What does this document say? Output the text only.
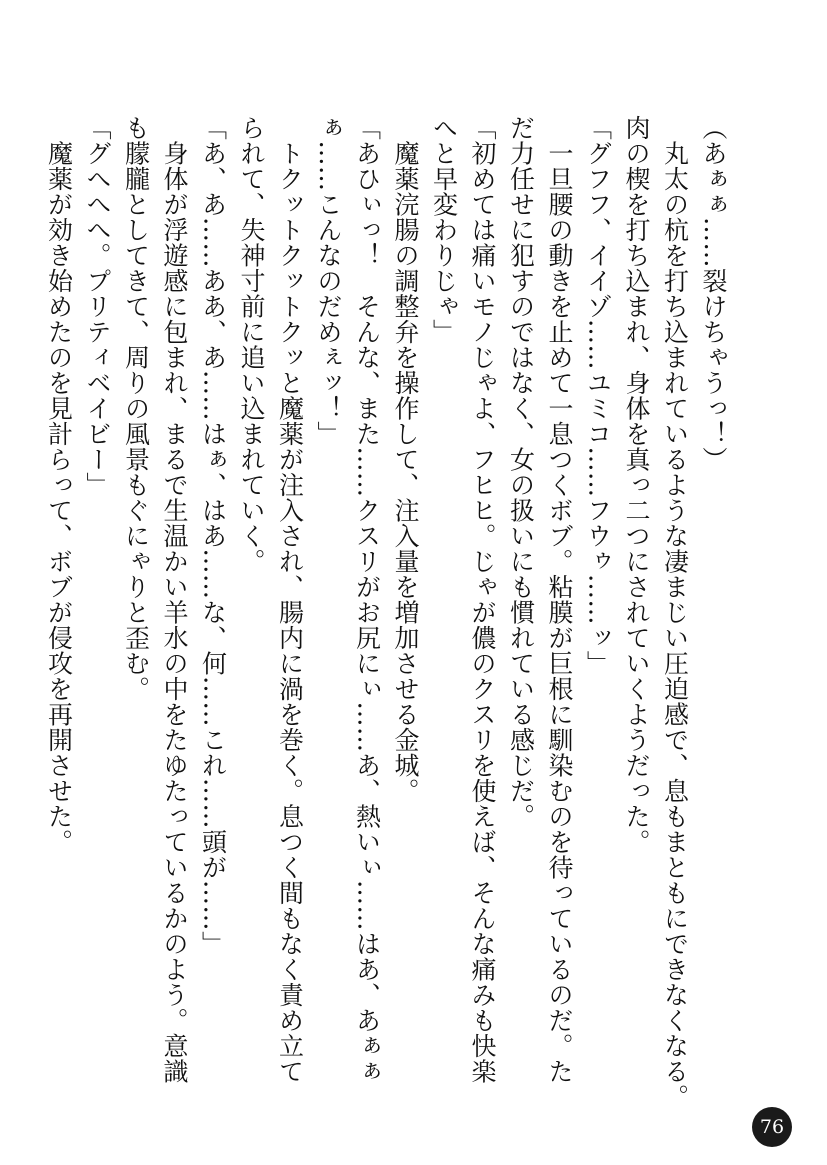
（あぁぁ……裂けちゃうっ！）
　丸太の杭を打ち込まれているような凄まじい圧迫感で、息もまともにできなくなる。
肉の楔を打ち込まれ、身体を真っ二つにされていくようだった。
「グフフ、イイゾ……ユミコ……フウゥ……ッ」
　一旦腰の動きを止めて一息つくボブ。粘膜が巨根に馴染むのを待っているのだ。た
だ力任せに犯すのではなく、女の扱いにも慣れている感じだ。
「初めては痛いモノじゃよ、フヒヒ。じゃが儂のクスリを使えば、そんな痛みも快楽
へと早変わりじゃ」
　魔薬浣腸の調整弁を操作して、注入量を増加させる金城。
「あひぃっ！　そんな、また……クスリがお尻にぃ……あ、熱いぃ……はあ、あぁぁ
ぁ……こんなのだめぇッ！」
　トクットクットクッと魔薬が注入され、腸内に渦を巻く。息つく間もなく責め立て
られて、失神寸前に追い込まれていく。
「あ、あ……ああ、あ……はぁ、はあ……な、何……これ……頭が……」
　身体が浮遊感に包まれ、まるで生温かい羊水の中をたゆたっているかのよう。意識
も朦朧としてきて、周りの風景もぐにゃりと歪む。
「グへへへ。プリティベイビー」
　魔薬が効き始めたのを見計らって、ボブが侵攻を再開させた。
76
